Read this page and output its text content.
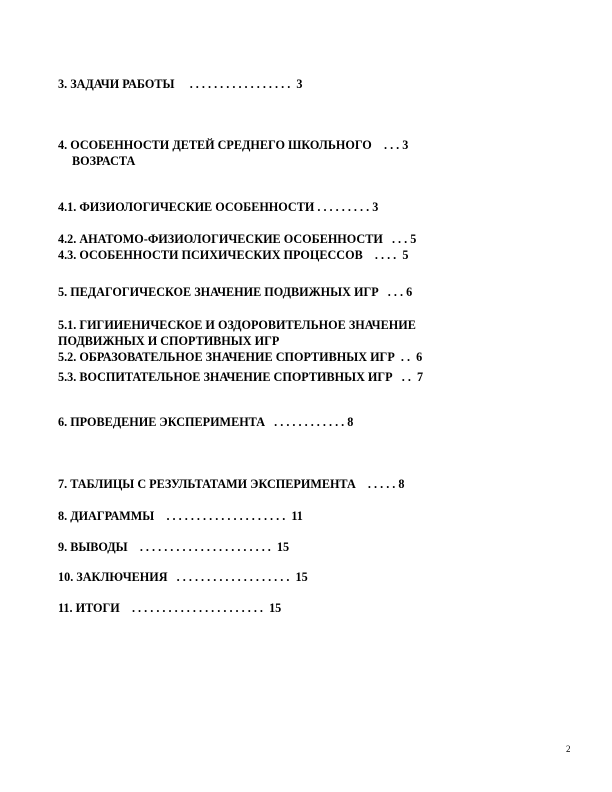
3. ЗАДАЧИ РАБОТЫ     . . . . . . . . . . . . . . . . .  3

4. ОСОБЕННОСТИ ДЕТЕЙ СРЕДНЕГО ШКОЛЬНОГО    . . . 3

ВОЗРАСТА

4.1. ФИЗИОЛОГИЧЕСКИЕ ОСОБЕННОСТИ . . . . . . . . . 3

4.2. АНАТОМО-ФИЗИОЛОГИЧЕСКИЕ ОСОБЕННОСТИ   . . . 5

4.3. ОСОБЕННОСТИ ПСИХИЧЕСКИХ ПРОЦЕССОВ    . . . .  5

5. ПЕДАГОГИЧЕСКОЕ ЗНАЧЕНИЕ ПОДВИЖНЫХ ИГР   . . . 6

5.1. ГИГИИЕНИЧЕСКОЕ И ОЗДОРОВИТЕЛЬНОЕ ЗНАЧЕНИЕ

ПОДВИЖНЫХ И СПОРТИВНЫХ ИГР

5.2. ОБРАЗОВАТЕЛЬНОЕ ЗНАЧЕНИЕ СПОРТИВНЫХ ИГР  . .  6

5.3. ВОСПИТАТЕЛЬНОЕ ЗНАЧЕНИЕ СПОРТИВНЫХ ИГР   . .  7

6. ПРОВЕДЕНИЕ ЭКСПЕРИМЕНТА   . . . . . . . . . . . . 8

7. ТАБЛИЦЫ С РЕЗУЛЬТАТАМИ ЭКСПЕРИМЕНТА    . . . . . 8

8. ДИАГРАММЫ    . . . . . . . . . . . . . . . . . . . .  11

9. ВЫВОДЫ    . . . . . . . . . . . . . . . . . . . . . .  15

10. ЗАКЛЮЧЕНИЯ   . . . . . . . . . . . . . . . . . . .  15

11. ИТОГИ    . . . . . . . . . . . . . . . . . . . . . .  15

2
